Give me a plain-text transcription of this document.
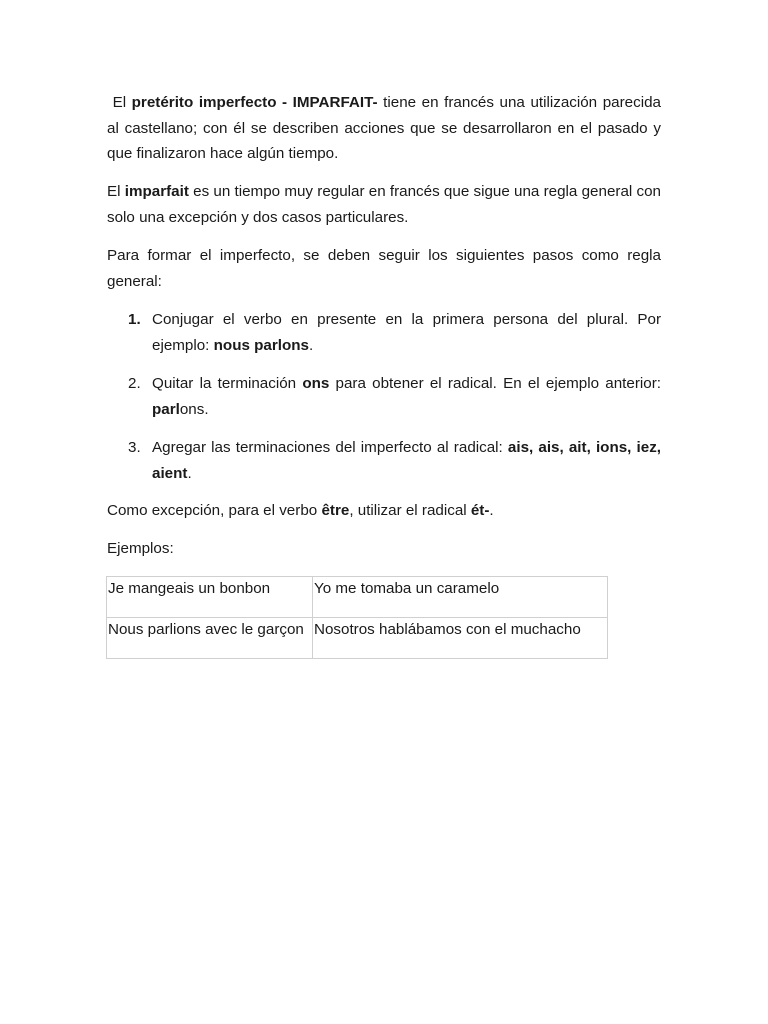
El pretérito imperfecto - IMPARFAIT- tiene en francés una utilización parecida al castellano; con él se describen acciones que se desarrollaron en el pasado y que finalizaron hace algún tiempo.

El imparfait es un tiempo muy regular en francés que sigue una regla general con solo una excepción y dos casos particulares.

Para formar el imperfecto, se deben seguir los siguientes pasos como regla general:

1. Conjugar el verbo en presente en la primera persona del plural. Por ejemplo: nous parlons.
2. Quitar la terminación ons para obtener el radical. En el ejemplo anterior: parlons.
3. Agregar las terminaciones del imperfecto al radical: ais, ais, ait, ions, iez, aient.

Como excepción, para el verbo être, utilizar el radical ét-.

Ejemplos:

Je mangeais un bonbon	Yo me tomaba un caramelo
Nous parlions avec le garçon	Nosotros hablábamos con el muchacho
